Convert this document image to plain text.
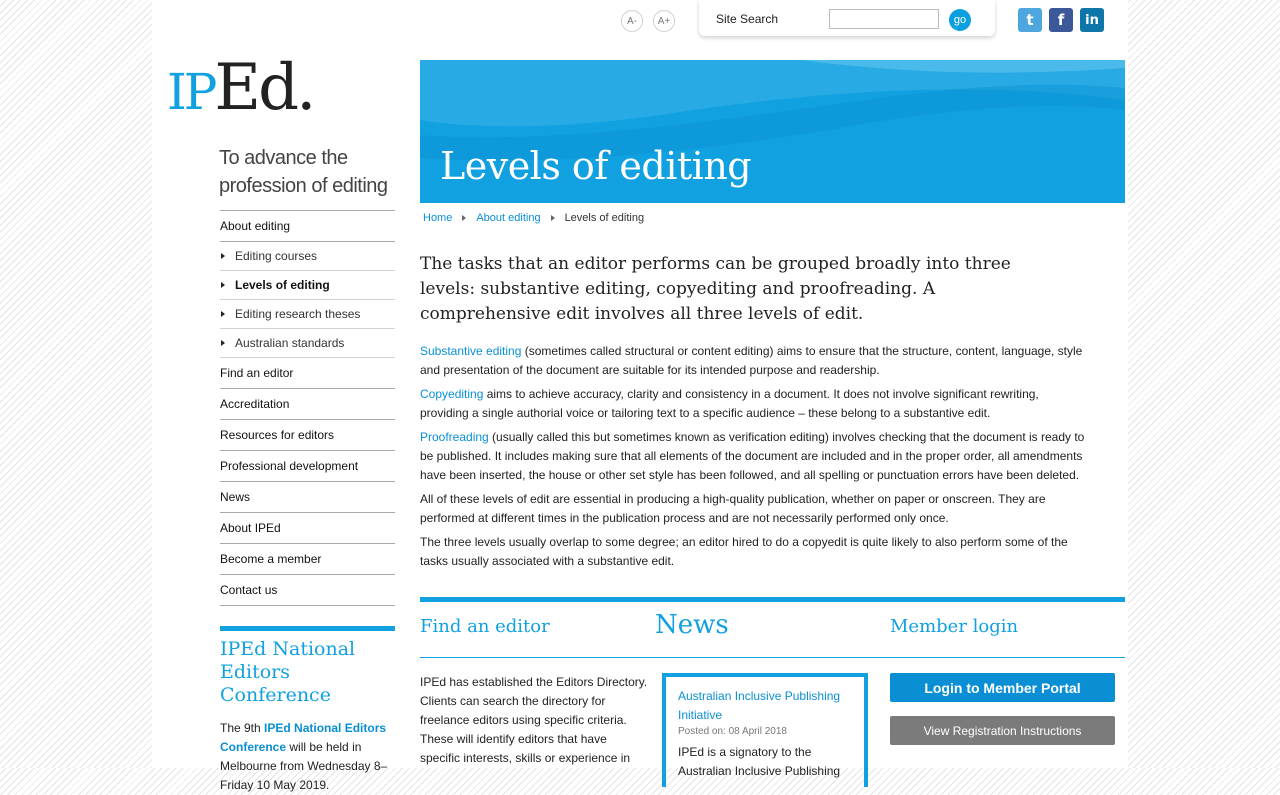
A-	A+	Site Search	go	t f in
IPEd.
To advance the profession of editing
About editing
Editing courses
Levels of editing
Editing research theses
Australian standards
Find an editor
Accreditation
Resources for editors
Professional development
News
About IPEd
Become a member
Contact us
IPEd National Editors Conference
The 9th IPEd National Editors Conference will be held in Melbourne from Wednesday 8–Friday 10 May 2019.
Levels of editing
Home About editing Levels of editing
The tasks that an editor performs can be grouped broadly into three levels: substantive editing, copyediting and proofreading. A comprehensive edit involves all three levels of edit.

Substantive editing (sometimes called structural or content editing) aims to ensure that the structure, content, language, style and presentation of the document are suitable for its intended purpose and readership.

Copyediting aims to achieve accuracy, clarity and consistency in a document. It does not involve significant rewriting, providing a single authorial voice or tailoring text to a specific audience – these belong to a substantive edit.

Proofreading (usually called this but sometimes known as verification editing) involves checking that the document is ready to be published. It includes making sure that all elements of the document are included and in the proper order, all amendments have been inserted, the house or other set style has been followed, and all spelling or punctuation errors have been deleted.

All of these levels of edit are essential in producing a high-quality publication, whether on paper or onscreen. They are performed at different times in the publication process and are not necessarily performed only once.

The three levels usually overlap to some degree; an editor hired to do a copyedit is quite likely to also perform some of the tasks usually associated with a substantive edit.

Find an editor	News	Member login
IPEd has established the Editors Directory. Clients can search the directory for freelance editors using specific criteria. These will identify editors that have specific interests, skills or experience in
Australian Inclusive Publishing Initiative
Posted on: 08 April 2018
IPEd is a signatory to the Australian Inclusive Publishing
Login to Member Portal
View Registration Instructions
